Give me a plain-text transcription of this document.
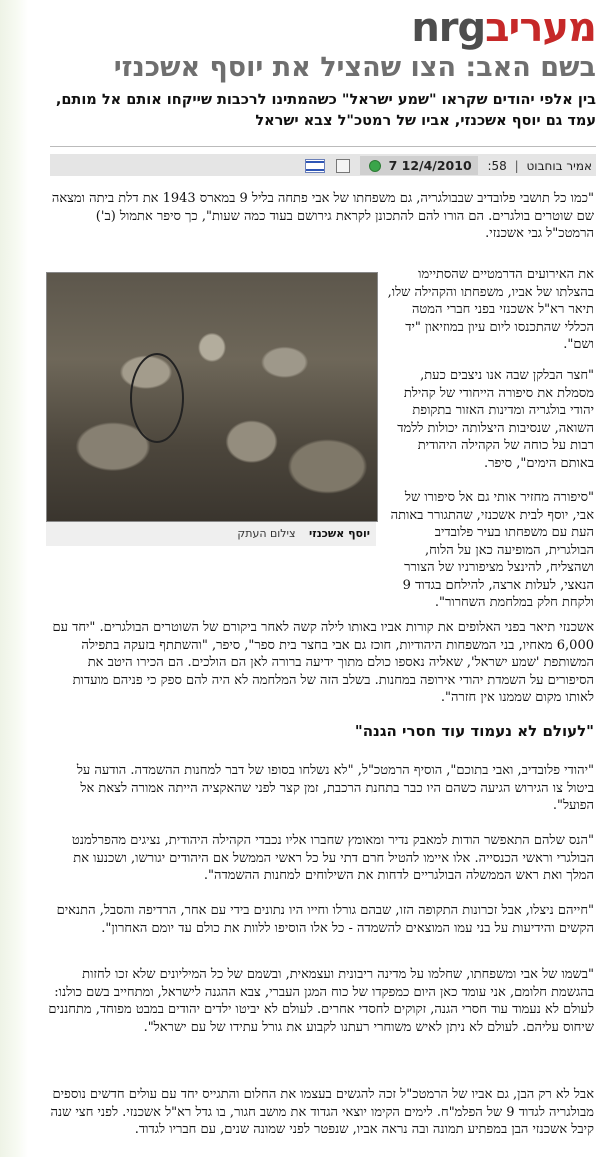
nrgמעריב
בשם האב: הצו שהציל את יוסף אשכנזי

בין אלפי יהודים שקראו "שמע ישראל" כשהמתינו לרכבות שייקחו אותם אל מותם, עמד גם יוסף אשכנזי, אביו של רמטכ"ל צבא ישראל

אמיר בוחבוט | 58: 12/4/2010 7

"כמו כל תושבי פלובדיב שבבולגריה, גם משפחתו של אבי פתחה בליל 9 במארס 1943 את דלת ביתה ומצאה שם שוטרים בולגרים. הם הורו להם להתכונן לקראת גירושם בעוד כמה שעות", כך סיפר אתמול (ב') הרמטכ"ל גבי אשכנזי.

יוסף אשכנזי צילום העתק

את האירועים הדרמטיים שהסתיימו בהצלתו של אביו, משפחתו והקהילה שלו, תיאר רא"ל אשכנזי בפני חברי המטה הכללי שהתכנסו ליום עיון במוזיאון "יד ושם".

"חצר הבלקן שבה אנו ניצבים כעת, מסמלת את סיפורה הייחודי של קהילת יהודי בולגריה ומדינות האזור בתקופת השואה, שנסיבות היצלותה יכולות ללמד רבות על כוחה של הקהילה היהודית באותם הימים", סיפר.

"סיפורה מחזיר אותי גם אל סיפורו של אבי, יוסף לבית אשכנזי, שהתגורר באותה העת עם משפחתו בעיר פלובדיב הבולגרית, המופיעה כאן על הלוח, ושהצליח, להינצל מציפורניו של הצורר הנאצי, לעלות ארצה, להילחם בגדוד 9 ולקחת חלק במלחמת השחרור".

אשכנזי תיאר בפני האלופים את קורות אביו באותו לילה קשה לאחר ביקורם של השוטרים הבולגרים. "יחד עם 6,000 מאחיו, בני המשפחות היהודיות, חוכז גם אבי בחצר בית ספר", סיפר, "והשתתף בזעקה בתפילה המשותפת 'שמע ישראל', שאליה נאספו כולם מתוך ידיעה ברורה לאן הם הולכים. הם הכירו היטב את הסיפורים על השמדת יהודי אירופה במחנות. בשלב הזה של המלחמה לא היה להם ספק כי פניהם מועדות לאותו מקום שממנו אין חזרה".

"לעולם לא נעמוד עוד חסרי הגנה"

"יהודי פלובדיב, ואבי בתוכם", הוסיף הרמטכ"ל, "לא נשלחו בסופו של דבר למחנות ההשמדה. הודעה על ביטול צו הגירוש הגיעה כשהם היו כבר בתחנת הרכבת, זמן קצר לפני שהאקציה הייתה אמורה לצאת אל הפועל".

"הנס שלהם התאפשר הודות למאבק נדיר ומאומץ שחברו אליו נכבדי הקהילה היהודית, נציגים מהפרלמנט הבולגרי וראשי הכנסייה. אלו איימו להטיל חרם דתי על כל ראשי הממשל אם היהודים יגורשו, ושכנעו את המלך ואת ראש הממשלה הבולגריים לדחות את השילוחים למחנות ההשמדה".

"חייהם ניצלו, אבל זכרונות התקופה הזו, שבהם גורלו וחייו היו נתונים בידי עם אחר, הרדיפה והסבל, התנאים הקשים והידיעות על בני עמו המוצאים להשמדה - כל אלו הוסיפו ללוות את כולם עד יומם האחרון".

"בשמו של אבי ומשפחתו, שחלמו על מדינה ריבונית ועצמאית, ובשמם של כל המיליונים שלא זכו לחזות בהגשמת חלומם, אני עומד כאן היום כמפקדו של כוח המגן העברי, צבא ההגנה לישראל, ומתחייב בשם כולנו: לעולם לא נעמוד עוד חסרי הגנה, זקוקים לחסדי אחרים. לעולם לא יביטו ילדים יהודים במבט מפוחד, מתחננים שיחוס עליהם. לעולם לא ניתן לאיש משוחרי רעתנו לקבוע את גורל עתידו של עם ישראל".

אבל לא רק הבן, גם אביו של הרמטכ"ל זכה להגשים בעצמו את החלום והתגייס יחד עם עולים חדשים נוספים מבולגריה לגדוד 9 של הפלמ"ח. לימים הקימו יוצאי הגדוד את מושב חגור, בו גדל רא"ל אשכנזי. לפני חצי שנה קיבל אשכנזי הבן במפתיע תמונה ובה נראה אביו, שנפטר לפני שמונה שנים, עם חבריו לגדוד.
